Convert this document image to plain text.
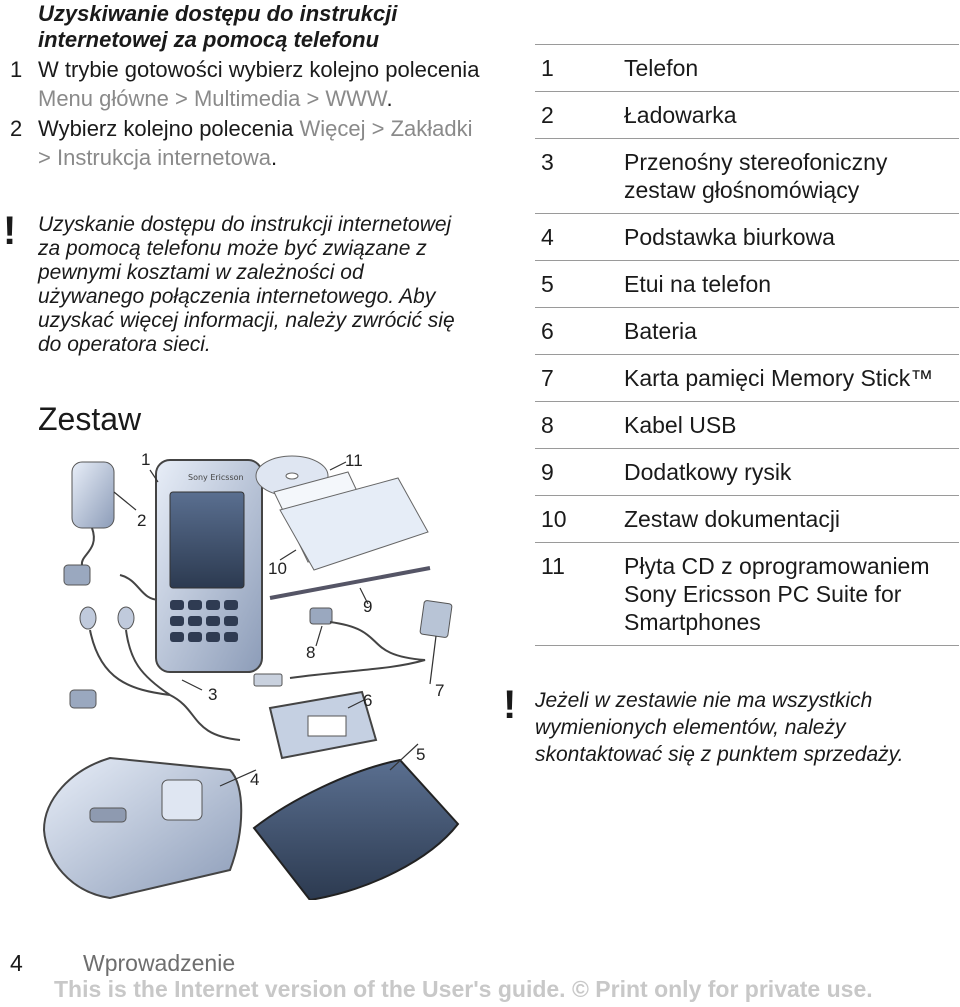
Uzyskiwanie dostępu do instrukcji internetowej za pomocą telefonu
1 W trybie gotowości wybierz kolejno polecenia Menu główne > Multimedia > WWW.
2 Wybierz kolejno polecenia Więcej > Zakładki > Instrukcja internetowa.
! Uzyskanie dostępu do instrukcji internetowej za pomocą telefonu może być związane z pewnymi kosztami w zależności od używanego połączenia internetowego. Aby uzyskać więcej informacji, należy zwrócić się do operatora sieci.
Zestaw
Sony Ericsson
1
2
3
4
5
6
7
8
9
10
11
1	Telefon
2	Ładowarka
3	Przenośny stereofoniczny zestaw głośnomówiący
4	Podstawka biurkowa
5	Etui na telefon
6	Bateria
7	Karta pamięci Memory Stick™
8	Kabel USB
9	Dodatkowy rysik
10 Zestaw dokumentacji
11	Płyta CD z oprogramowaniem Sony Ericsson PC Suite for Smartphones
! Jeżeli w zestawie nie ma wszystkich wymienionych elementów, należy skontaktować się z punktem sprzedaży.
4	Wprowadzenie
This is the Internet version of the User's guide. © Print only for private use.
